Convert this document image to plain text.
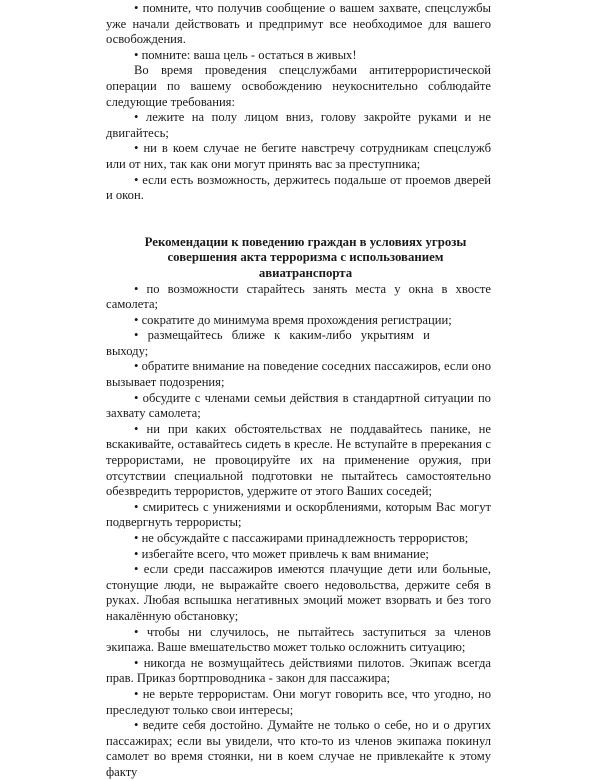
• помните, что получив сообщение о вашем захвате, спецслужбы уже начали действовать и предпримут все необходимое для вашего освобождения.

• помните: ваша цель - остаться в живых!

Во время проведения спецслужбами антитеррористической операции по вашему освобождению неукоснительно соблюдайте следующие требования:

• лежите на полу лицом вниз, голову закройте руками и не двигайтесь;

• ни в коем случае не бегите навстречу сотрудникам спецслужб или от них, так как они могут принять вас за преступника;

• если есть возможность, держитесь подальше от проемов дверей и окон.

Рекомендации к поведению граждан в условиях угрозы
совершения акта терроризма с использованием авиатранспорта

• по возможности старайтесь занять места у окна в хвосте самолета;

• сократите до минимума время прохождения регистрации;

• размещайтесь ближе к каким-либо укрытиям и

выходу;

• обратите внимание на поведение соседних пассажиров, если оно вызывает подозрения;

• обсудите с членами семьи действия в стандартной ситуации по захвату самолета;

• ни при каких обстоятельствах не поддавайтесь панике, не вскакивайте, оставайтесь сидеть в кресле. Не вступайте в пререкания с террористами, не провоцируйте их на применение оружия, при отсутствии специальной подготовки не пытайтесь самостоятельно обезвредить террористов, удержите от этого Ваших соседей;

• смиритесь с унижениями и оскорблениями, которым Вас могут подвергнуть террористы;

• не обсуждайте с пассажирами принадлежность террористов;

• избегайте всего, что может привлечь к вам внимание;

• если среди пассажиров имеются плачущие дети или больные, стонущие люди, не выражайте своего недовольства, держите себя в руках. Любая вспышка негативных эмоций может взорвать и без того накалённую обстановку;

• чтобы ни случилось, не пытайтесь заступиться за членов экипажа. Ваше вмешательство может только осложнить ситуацию;

• никогда не возмущайтесь действиями пилотов. Экипаж всегда прав. Приказ бортпроводника - закон для пассажира;

• не верьте террористам. Они могут говорить все, что угодно, но преследуют только свои интересы;

• ведите себя достойно. Думайте не только о себе, но и о других пассажирах; если вы увидели, что кто-то из членов экипажа покинул самолет во время стоянки, ни в коем случае не привлекайте к этому факту
